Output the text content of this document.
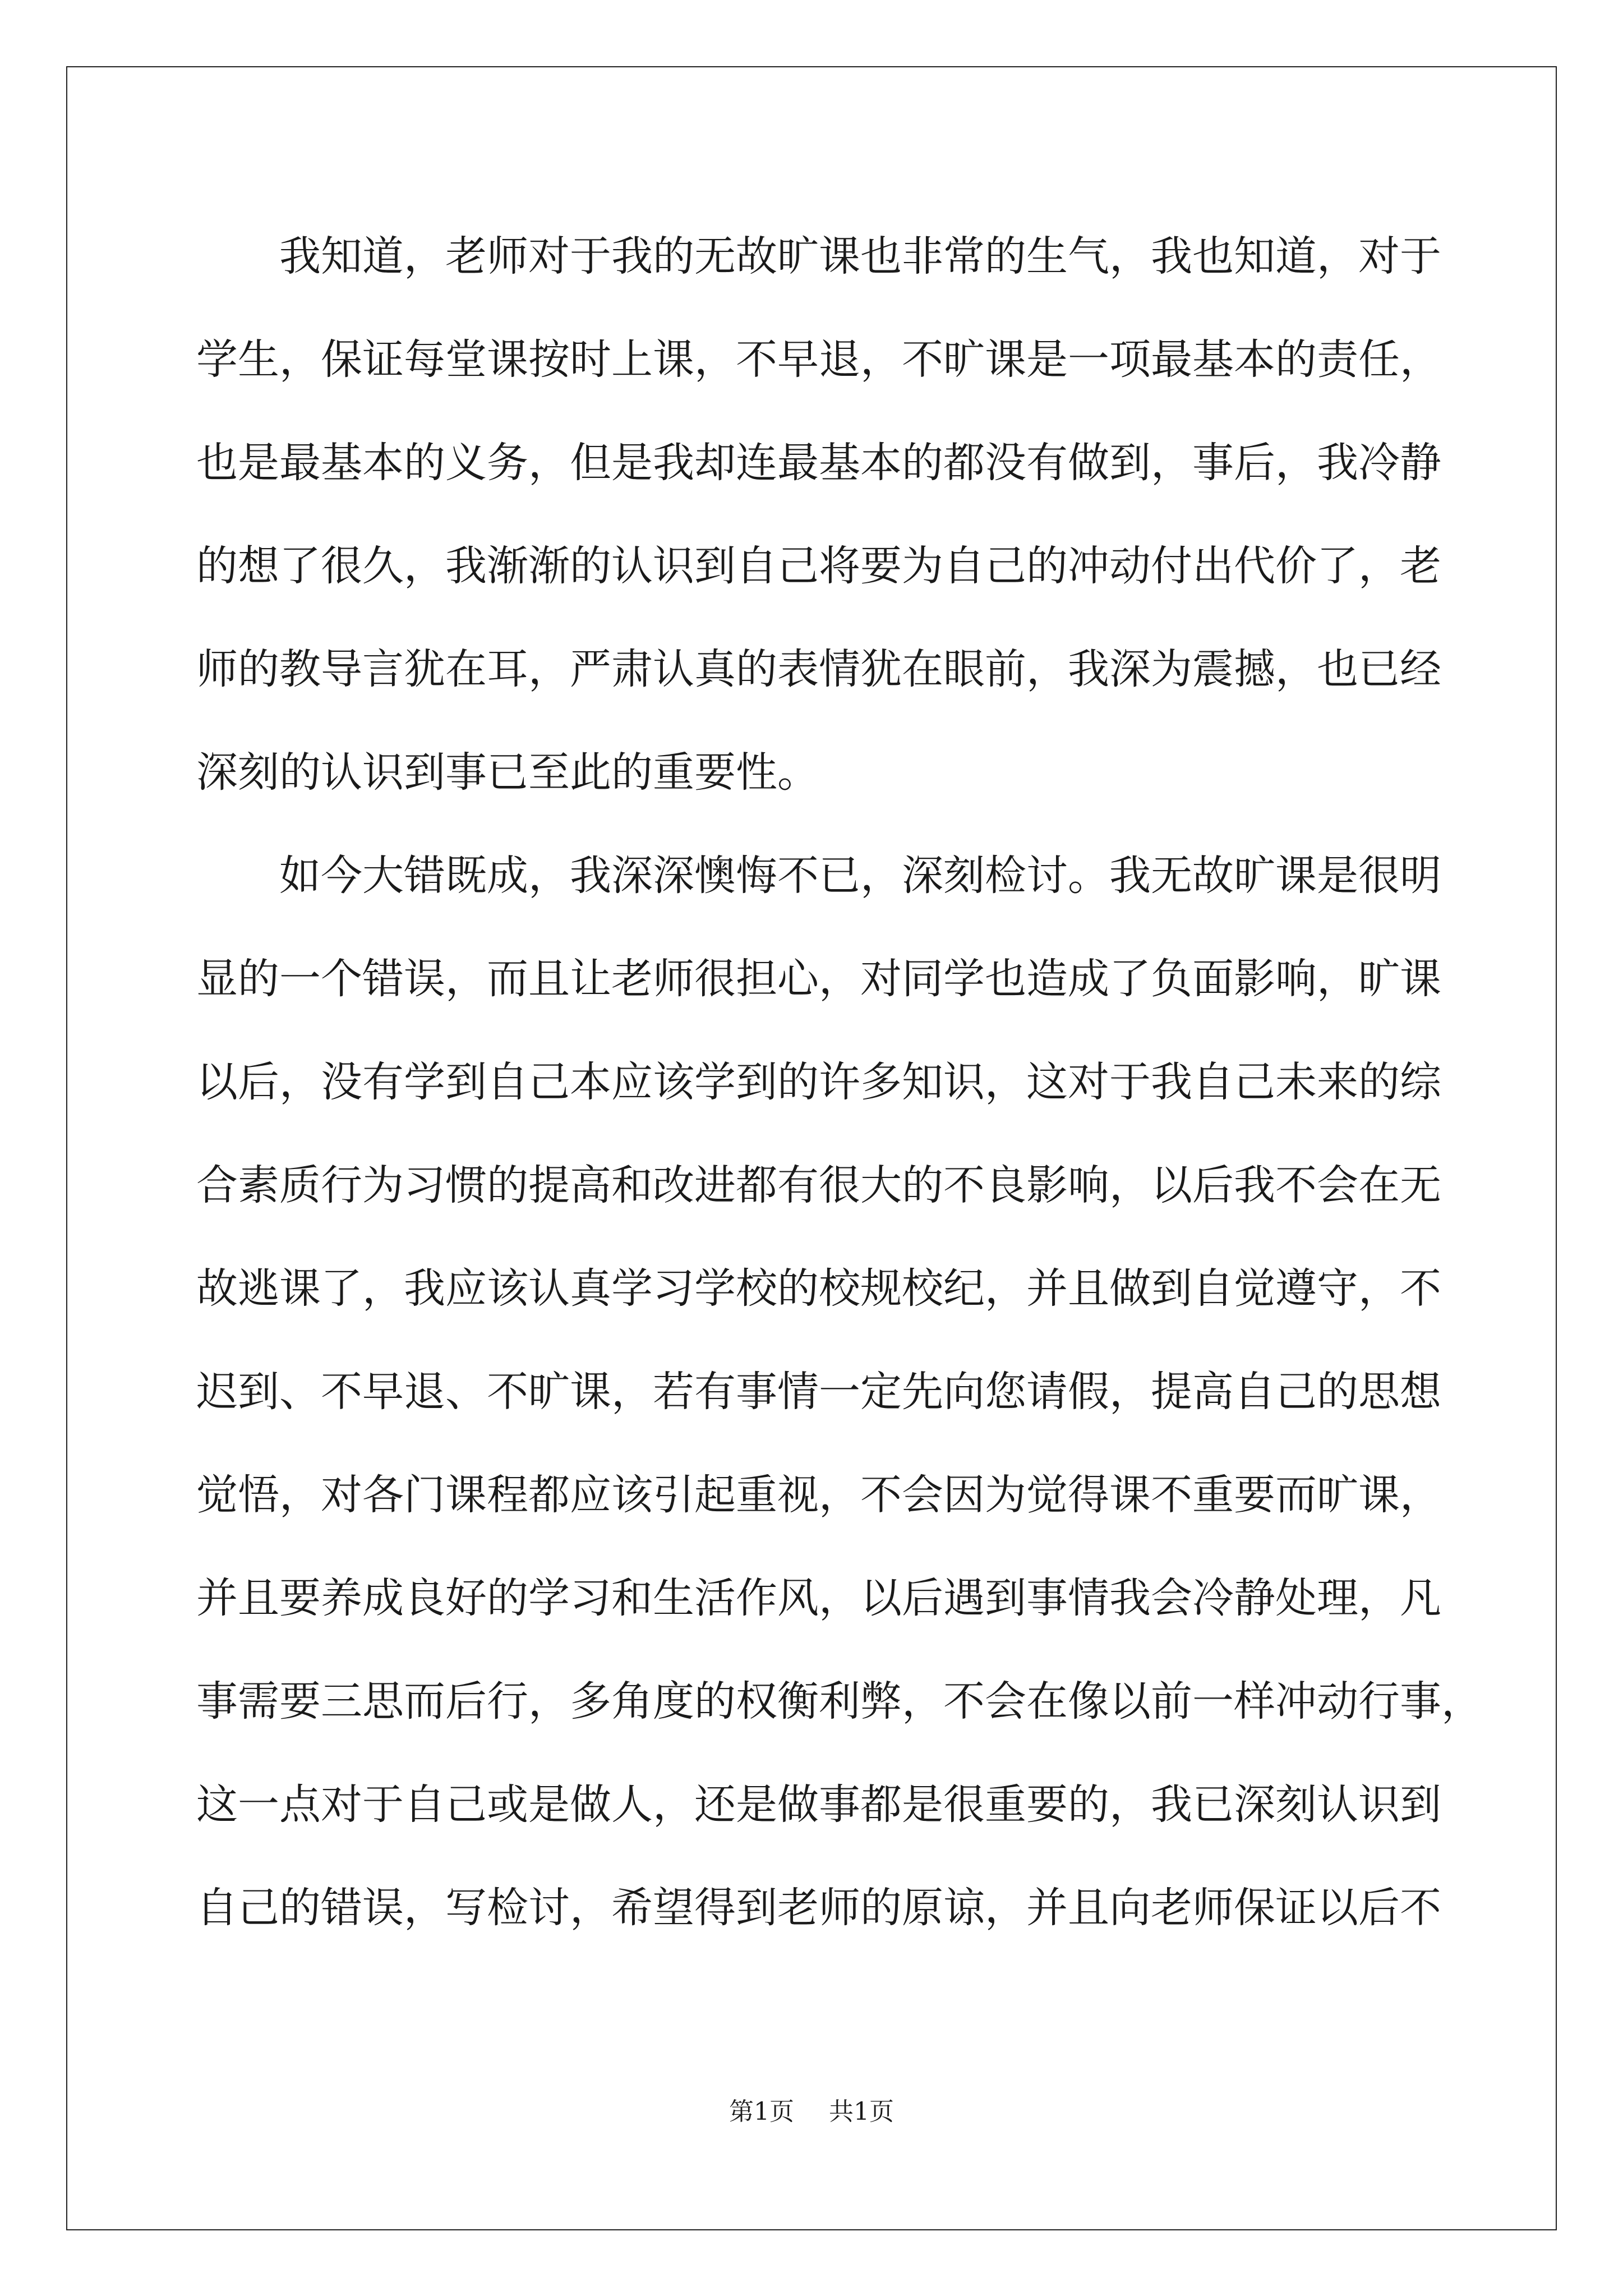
　　我知道，老师对于我的无故旷课也非常的生气，我也知道，对于
学生，保证每堂课按时上课，不早退，不旷课是一项最基本的责任，
也是最基本的义务，但是我却连最基本的都没有做到，事后，我冷静
的想了很久，我渐渐的认识到自己将要为自己的冲动付出代价了，老
师的教导言犹在耳，严肃认真的表情犹在眼前，我深为震撼，也已经
深刻的认识到事已至此的重要性。
　　如今大错既成，我深深懊悔不已，深刻检讨。我无故旷课是很明
显的一个错误，而且让老师很担心，对同学也造成了负面影响，旷课
以后，没有学到自己本应该学到的许多知识，这对于我自己未来的综
合素质行为习惯的提高和改进都有很大的不良影响，以后我不会在无
故逃课了，我应该认真学习学校的校规校纪，并且做到自觉遵守，不
迟到、不早退、不旷课，若有事情一定先向您请假，提高自己的思想
觉悟，对各门课程都应该引起重视，不会因为觉得课不重要而旷课，
并且要养成良好的学习和生活作风，以后遇到事情我会冷静处理，凡
事需要三思而后行，多角度的权衡利弊，不会在像以前一样冲动行事，
这一点对于自己或是做人，还是做事都是很重要的，我已深刻认识到
自己的错误，写检讨，希望得到老师的原谅，并且向老师保证以后不
第1页 共1页
